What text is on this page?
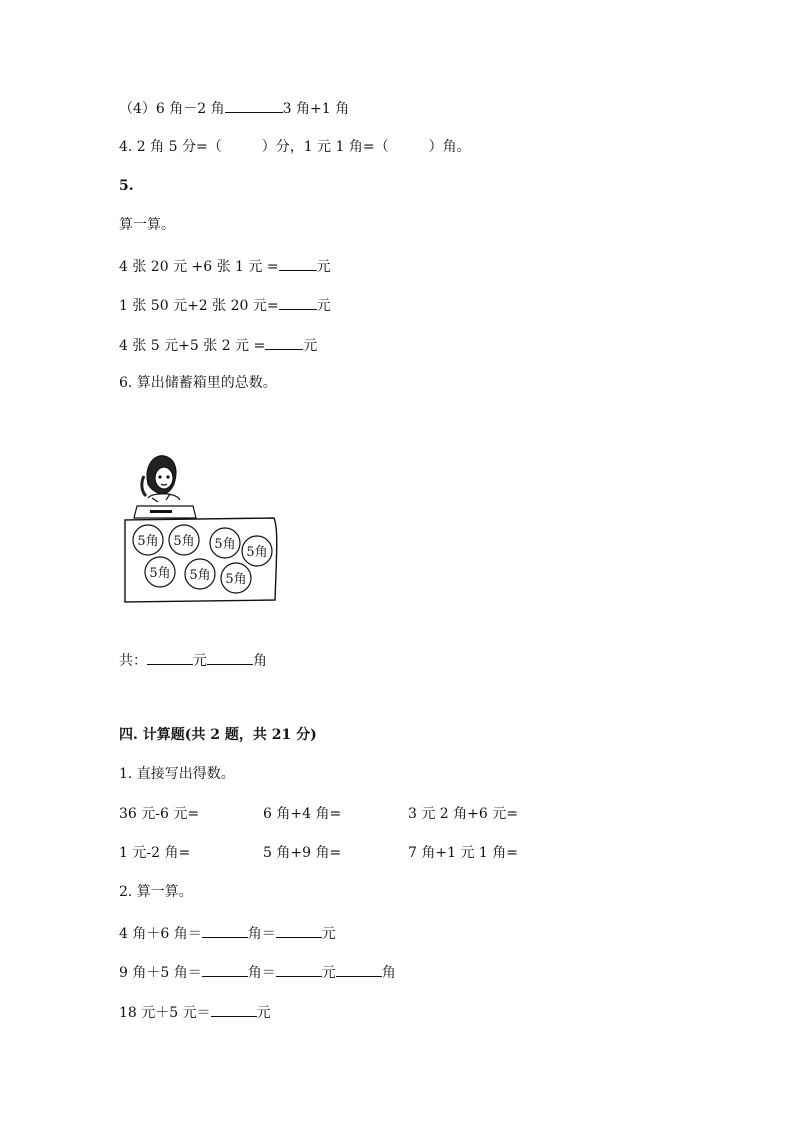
（4）6 角－2 角	3 角+1 角
4. 2 角 5 分=（	）分，1 元 1 角=（	）角。
5.
算一算。
4 张 20 元 +6 张 1 元 =	元
1 张 50 元+2 张 20 元=	元
4 张 5 元+5 张 2 元 =	元
6. 算出储蓄箱里的总数。
5角 5角 5角
5角
5角 5角 5角
共：	元	角
四. 计算题(共 2 题，共 21 分)
1. 直接写出得数。
36 元-6 元=	6 角+4 角=	3 元 2 角+6 元=
1 元-2 角=	5 角+9 角=	7 角+1 元 1 角=
2. 算一算。
4 角＋6 角＝	角＝	元
9 角＋5 角＝	角＝	元	角
18 元＋5 元＝	元
